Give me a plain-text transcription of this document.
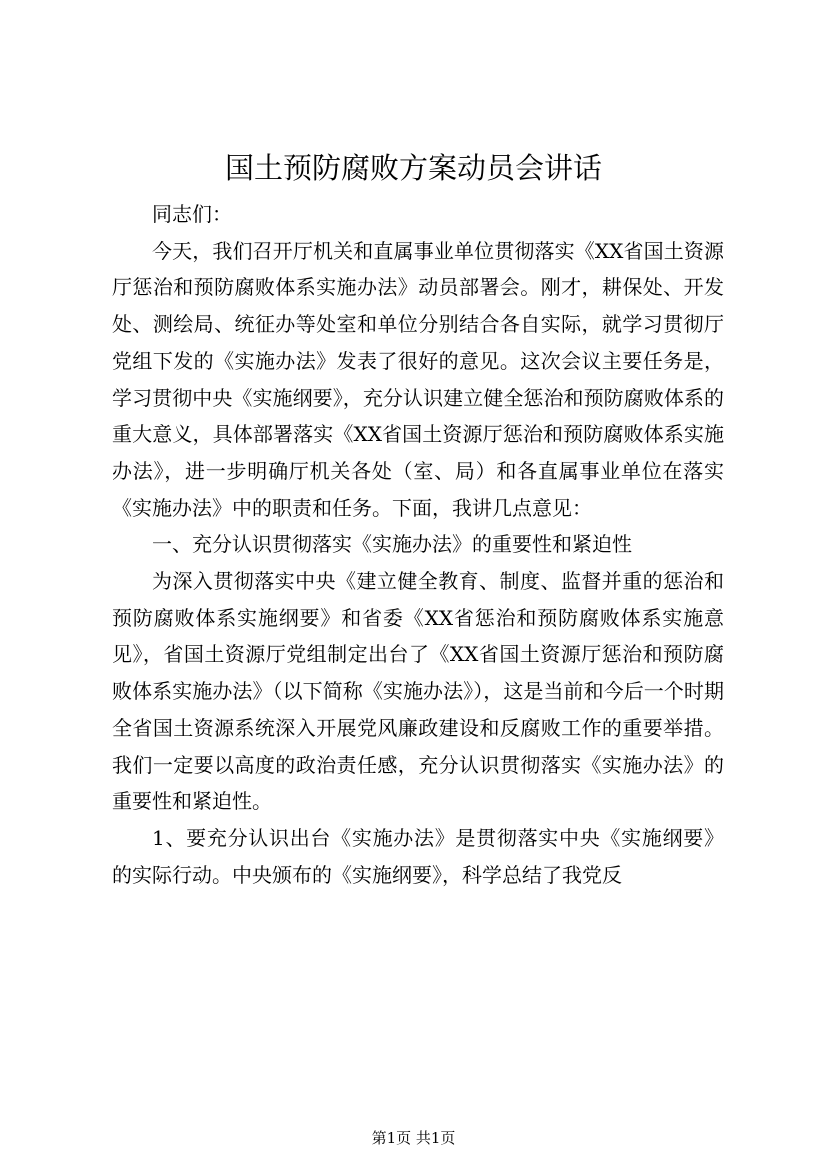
国土预防腐败方案动员会讲话

同志们：

今天，我们召开厅机关和直属事业单位贯彻落实《XX省国土资源厅惩治和预防腐败体系实施办法》动员部署会。刚才，耕保处、开发处、测绘局、统征办等处室和单位分别结合各自实际，就学习贯彻厅党组下发的《实施办法》发表了很好的意见。这次会议主要任务是，学习贯彻中央《实施纲要》，充分认识建立健全惩治和预防腐败体系的重大意义，具体部署落实《XX省国土资源厅惩治和预防腐败体系实施办法》，进一步明确厅机关各处（室、局）和各直属事业单位在落实《实施办法》中的职责和任务。下面，我讲几点意见：

一、充分认识贯彻落实《实施办法》的重要性和紧迫性

为深入贯彻落实中央《建立健全教育、制度、监督并重的惩治和预防腐败体系实施纲要》和省委《XX省惩治和预防腐败体系实施意见》，省国土资源厅党组制定出台了《XX省国土资源厅惩治和预防腐败体系实施办法》（以下简称《实施办法》），这是当前和今后一个时期全省国土资源系统深入开展党风廉政建设和反腐败工作的重要举措。我们一定要以高度的政治责任感，充分认识贯彻落实《实施办法》的重要性和紧迫性。

1、要充分认识出台《实施办法》是贯彻落实中央《实施纲要》的实际行动。中央颁布的《实施纲要》，科学总结了我党反

第1页 共1页
